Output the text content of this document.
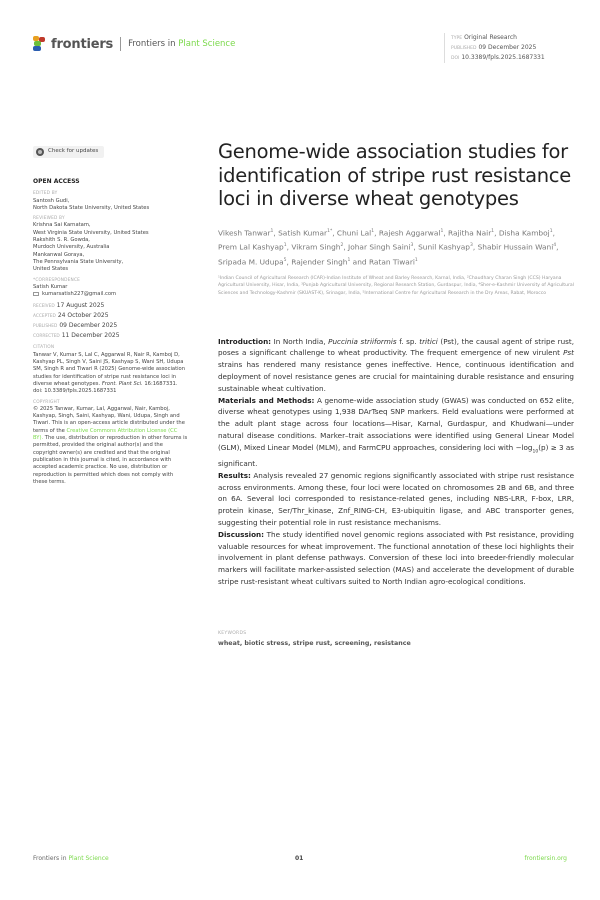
frontiers Frontiers in Plant Science
TYPE Original Research
PUBLISHED 09 December 2025
DOI 10.3389/fpls.2025.1687331
Check for updates
OPEN ACCESS
EDITED BY
Santosh Gudi,
North Dakota State University, United States
REVIEWED BY
Krishna Sai Karnatam,
West Virginia State University, United States
Rakshith S. R. Gowda,
Murdoch University, Australia
Mankanwal Goraya,
The Pennsylvania State University,
United States
*CORRESPONDENCE
Satish Kumar
kumarsatish227@gmail.com
RECEIVED 17 August 2025
ACCEPTED 24 October 2025
PUBLISHED 09 December 2025
CORRECTED 11 December 2025
CITATION
Tanwar V, Kumar S, Lal C, Aggarwal R, Nair R, Kamboj D, Kashyap PL, Singh V, Saini JS, Kashyap S, Wani SH, Udupa SM, Singh R and Tiwari R (2025) Genome-wide association studies for identification of stripe rust resistance loci in diverse wheat genotypes. Front. Plant Sci. 16:1687331.
doi: 10.3389/fpls.2025.1687331
COPYRIGHT
© 2025 Tanwar, Kumar, Lal, Aggarwal, Nair, Kamboj, Kashyap, Singh, Saini, Kashyap, Wani, Udupa, Singh and Tiwari. This is an open-access article distributed under the terms of the Creative Commons Attribution License (CC BY). The use, distribution or reproduction in other forums is permitted, provided the original author(s) and the copyright owner(s) are credited and that the original publication in this journal is cited, in accordance with accepted academic practice. No use, distribution or reproduction is permitted which does not comply with these terms.
Genome-wide association studies for identification of stripe rust resistance loci in diverse wheat genotypes
Vikesh Tanwar$^1$, Satish Kumar$^{1*}$, Chuni Lal$^1$, Rajesh Aggarwal$^1$, Rajitha Nair$^1$, Disha Kamboj$^1$, Prem Lal Kashyap$^1$, Vikram Singh$^2$, Johar Singh Saini$^3$, Sunil Kashyap$^3$, Shabir Hussain Wani$^4$, Sripada M. Udupa$^5$, Rajender Singh$^1$ and Ratan Tiwari$^1$
¹Indian Council of Agricultural Research (ICAR)-Indian Institute of Wheat and Barley Research, Karnal, India, ²Chaudhary Charan Singh (CCS) Haryana Agricultural University, Hisar, India, ³Punjab Agricultural University, Regional Research Station, Gurdaspur, India, ⁴Sher-e-Kashmir University of Agricultural Sciences and Technology-Kashmir (SKUAST-K), Srinagar, India, ⁵International Centre for Agricultural Research in the Dry Areas, Rabat, Morocco

Introduction: In North India, Puccinia striiformis f. sp. tritici (Pst), the causal agent of stripe rust, poses a significant challenge to wheat productivity. The frequent emergence of new virulent Pst strains has rendered many resistance genes ineffective. Hence, continuous identification and deployment of novel resistance genes are crucial for maintaining durable resistance and ensuring sustainable wheat cultivation.

Materials and Methods: A genome-wide association study (GWAS) was conducted on 652 elite, diverse wheat genotypes using 1,938 DArTseq SNP markers. Field evaluations were performed at the adult plant stage across four locations—Hisar, Karnal, Gurdaspur, and Khudwani—under natural disease conditions. Marker–trait associations were identified using General Linear Model (GLM), Mixed Linear Model (MLM), and FarmCPU approaches, considering loci with $-\log_{10}(p) \ge 3$ as significant.

Results: Analysis revealed 27 genomic regions significantly associated with stripe rust resistance across environments. Among these, four loci were located on chromosomes 2B and 6B, and three on 6A. Several loci corresponded to resistance-related genes, including NBS-LRR, F-box, LRR, protein kinase, Ser/Thr_kinase, Znf_RING-CH, E3-ubiquitin ligase, and ABC transporter genes, suggesting their potential role in rust resistance mechanisms.

Discussion: The study identified novel genomic regions associated with Pst resistance, providing valuable resources for wheat improvement. The functional annotation of these loci highlights their involvement in plant defense pathways. Conversion of these loci into breeder-friendly molecular markers will facilitate marker-assisted selection (MAS) and accelerate the development of durable stripe rust-resistant wheat cultivars suited to North Indian agro-ecological conditions.

KEYWORDS
wheat, biotic stress, stripe rust, screening, resistance
Frontiers in Plant Science	01	frontiersin.org
